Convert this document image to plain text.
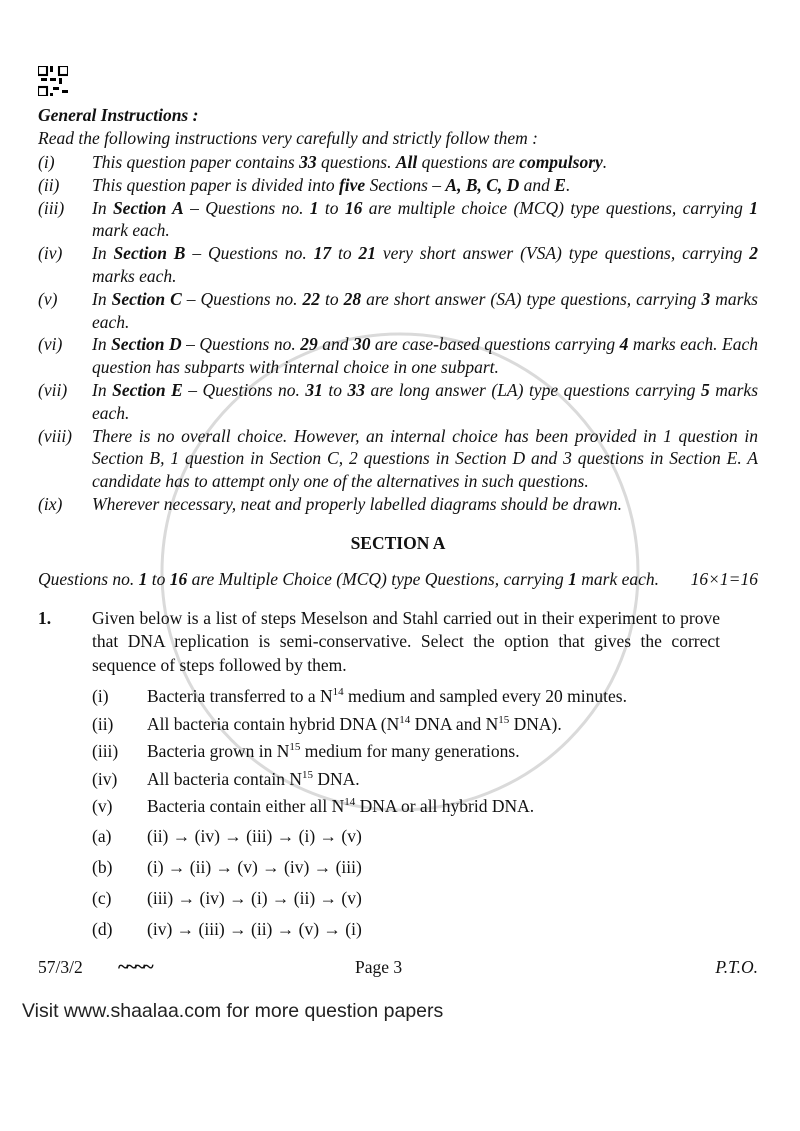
General Instructions :
Read the following instructions very carefully and strictly follow them :
(i)	This question paper contains 33 questions. All questions are compulsory.
(ii)	This question paper is divided into five Sections – A, B, C, D and E.
(iii)	In Section A – Questions no. 1 to 16 are multiple choice (MCQ) type questions, carrying 1 mark each.
(iv)	In Section B – Questions no. 17 to 21 very short answer (VSA) type questions, carrying 2 marks each.
(v)	In Section C – Questions no. 22 to 28 are short answer (SA) type questions, carrying 3 marks each.
(vi)	In Section D – Questions no. 29 and 30 are case-based questions carrying 4 marks each. Each question has subparts with internal choice in one subpart.
(vii)	In Section E – Questions no. 31 to 33 are long answer (LA) type questions carrying 5 marks each.
(viii)	There is no overall choice. However, an internal choice has been provided in 1 question in Section B, 1 question in Section C, 2 questions in Section D and 3 questions in Section E. A candidate has to attempt only one of the alternatives in such questions.
(ix)	Wherever necessary, neat and properly labelled diagrams should be drawn.
SECTION A
Questions no. 1 to 16 are Multiple Choice (MCQ) type Questions, carrying 1 mark each. 16×1=16
1.	Given below is a list of steps Meselson and Stahl carried out in their experiment to prove that DNA replication is semi-conservative. Select the option that gives the correct sequence of steps followed by them.
(i)	Bacteria transferred to a $N^{14}$ medium and sampled every 20 minutes.
(ii)	All bacteria contain hybrid DNA ($N^{14}$ DNA and $N^{15}$ DNA).
(iii)	Bacteria grown in $N^{15}$ medium for many generations.
(iv)	All bacteria contain $N^{15}$ DNA.
(v)	Bacteria contain either all $N^{14}$ DNA or all hybrid DNA.
(a)	(ii) → (iv) → (iii) → (i) → (v)
(b)	(i) → (ii) → (v) → (iv) → (iii)
(c)	(iii) → (iv) → (i) → (ii) → (v)
(d)	(iv) → (iii) → (ii) → (v) → (i)
57/3/2	~~~~	Page 3	P.T.O.
Visit www.shaalaa.com for more question papers
